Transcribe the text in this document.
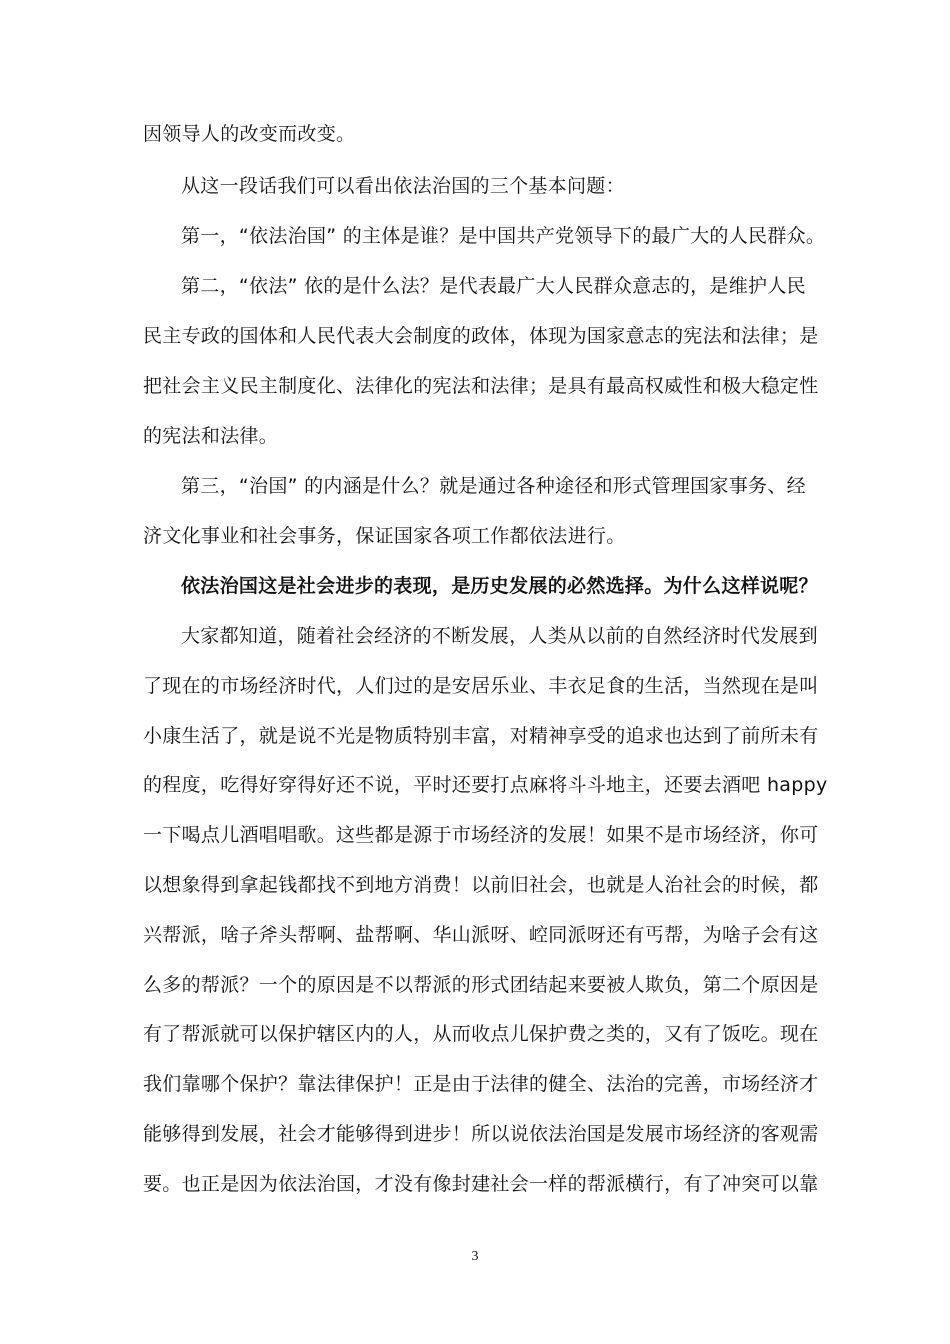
因领导人的改变而改变。
从这一段话我们可以看出依法治国的三个基本问题：
第一，“依法治国” 的主体是谁？是中国共产党领导下的最广大的人民群众。
第二，“依法” 依的是什么法？是代表最广大人民群众意志的，是维护人民
民主专政的国体和人民代表大会制度的政体，体现为国家意志的宪法和法律；是
把社会主义民主制度化、法律化的宪法和法律；是具有最高权威性和极大稳定性
的宪法和法律。
第三，“治国” 的内涵是什么？就是通过各种途径和形式管理国家事务、经
济文化事业和社会事务，保证国家各项工作都依法进行。
依法治国这是社会进步的表现，是历史发展的必然选择。为什么这样说呢？
大家都知道，随着社会经济的不断发展，人类从以前的自然经济时代发展到
了现在的市场经济时代，人们过的是安居乐业、丰衣足食的生活，当然现在是叫
小康生活了，就是说不光是物质特别丰富，对精神享受的追求也达到了前所未有
的程度，吃得好穿得好还不说，平时还要打点麻将斗斗地主，还要去酒吧 happy
一下喝点儿酒唱唱歌。这些都是源于市场经济的发展！如果不是市场经济，你可
以想象得到拿起钱都找不到地方消费！以前旧社会，也就是人治社会的时候，都
兴帮派，啥子斧头帮啊、盐帮啊、华山派呀、崆同派呀还有丐帮，为啥子会有这
么多的帮派？一个的原因是不以帮派的形式团结起来要被人欺负，第二个原因是
有了帮派就可以保护辖区内的人，从而收点儿保护费之类的，又有了饭吃。现在
我们靠哪个保护？靠法律保护！正是由于法律的健全、法治的完善，市场经济才
能够得到发展，社会才能够得到进步！所以说依法治国是发展市场经济的客观需
要。也正是因为依法治国，才没有像封建社会一样的帮派横行，有了冲突可以靠
3
